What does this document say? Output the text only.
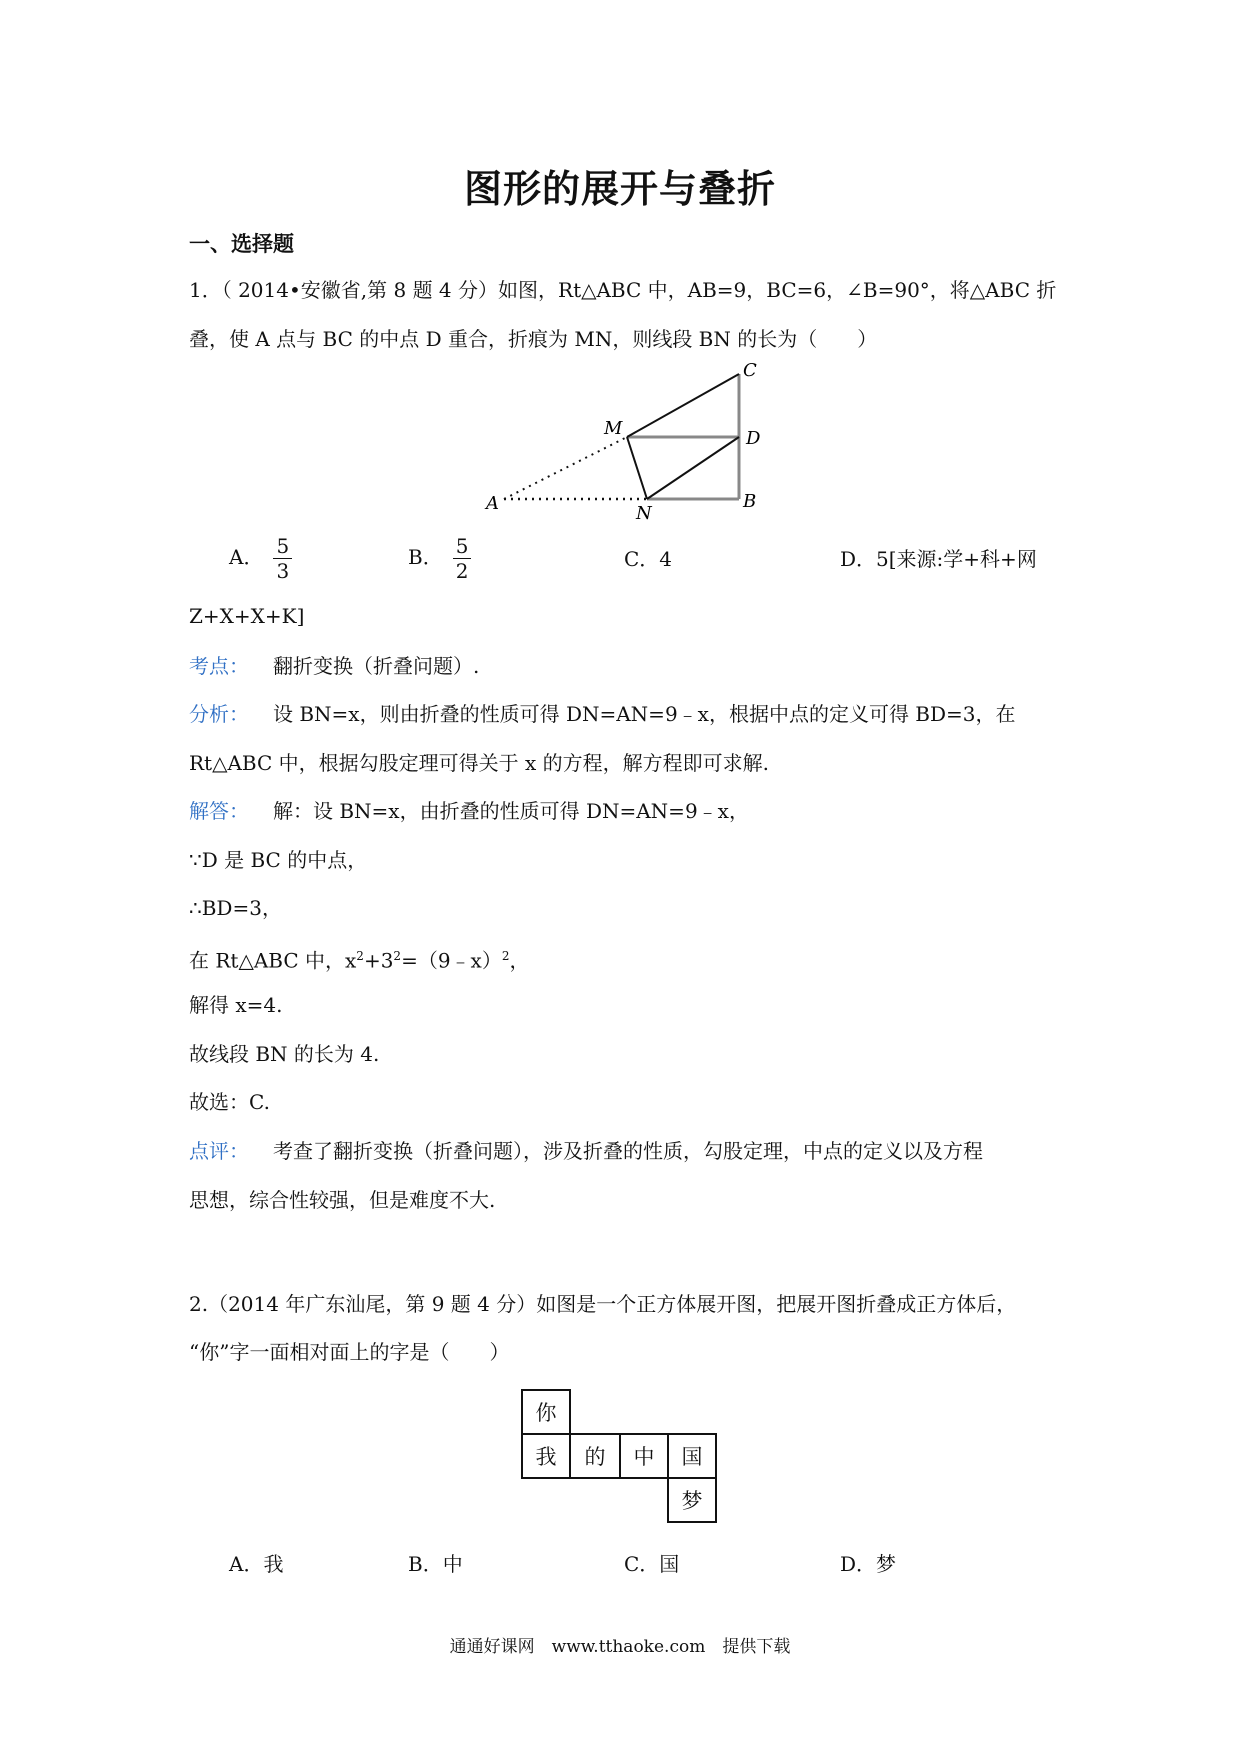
图形的展开与叠折
一、选择题
1．（ 2014•安徽省,第 8 题 4 分）如图，Rt△ABC 中，AB=9，BC=6，∠B=90°，将△ABC 折
叠，使 A 点与 BC 的中点 D 重合，折痕为 MN，则线段 BN 的长为（　　）
C
M	D
A	N
B
A． $\frac{5}{3}$	B． $\frac{5}{2}$	C．4	D．5[来源:学+科+网
Z+X+X+K]
考点： 翻折变换（折叠问题）.
分析： 设 BN=x，则由折叠的性质可得 DN=AN=9﹣x，根据中点的定义可得 BD=3，在
Rt△ABC 中，根据勾股定理可得关于 x 的方程，解方程即可求解.
解答： 解：设 BN=x，由折叠的性质可得 DN=AN=9﹣x，
∵D 是 BC 的中点，
∴BD=3，
在 Rt△ABC 中，$x^2+3^2=(9﹣x)^2$，
解得 x=4.
故线段 BN 的长为 4.
故选：C.
点评： 考查了翻折变换（折叠问题），涉及折叠的性质，勾股定理，中点的定义以及方程
思想，综合性较强，但是难度不大.
2.（2014 年广东汕尾，第 9 题 4 分）如图是一个正方体展开图，把展开图折叠成正方体后，
“你”字一面相对面上的字是（　　）
你
我 的 中 国
梦
A．我	B．中	C．国	D．梦
通通好课网　www.tthaoke.com　提供下载
